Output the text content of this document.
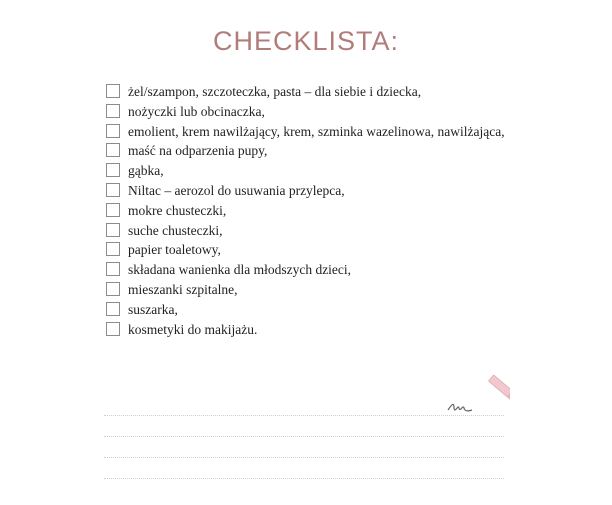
CHECKLISTA:
żel/szampon, szczoteczka, pasta – dla siebie i dziecka,
nożyczki lub obcinaczka,
emolient, krem nawilżający, krem, szminka wazelinowa, nawilżająca,
maść na odparzenia pupy,
gąbka,
Niltac – aerozol do usuwania przylepca,
mokre chusteczki,
suche chusteczki,
papier toaletowy,
składana wanienka dla młodszych dzieci,
mieszanki szpitalne,
suszarka,
kosmetyki do makijażu.
